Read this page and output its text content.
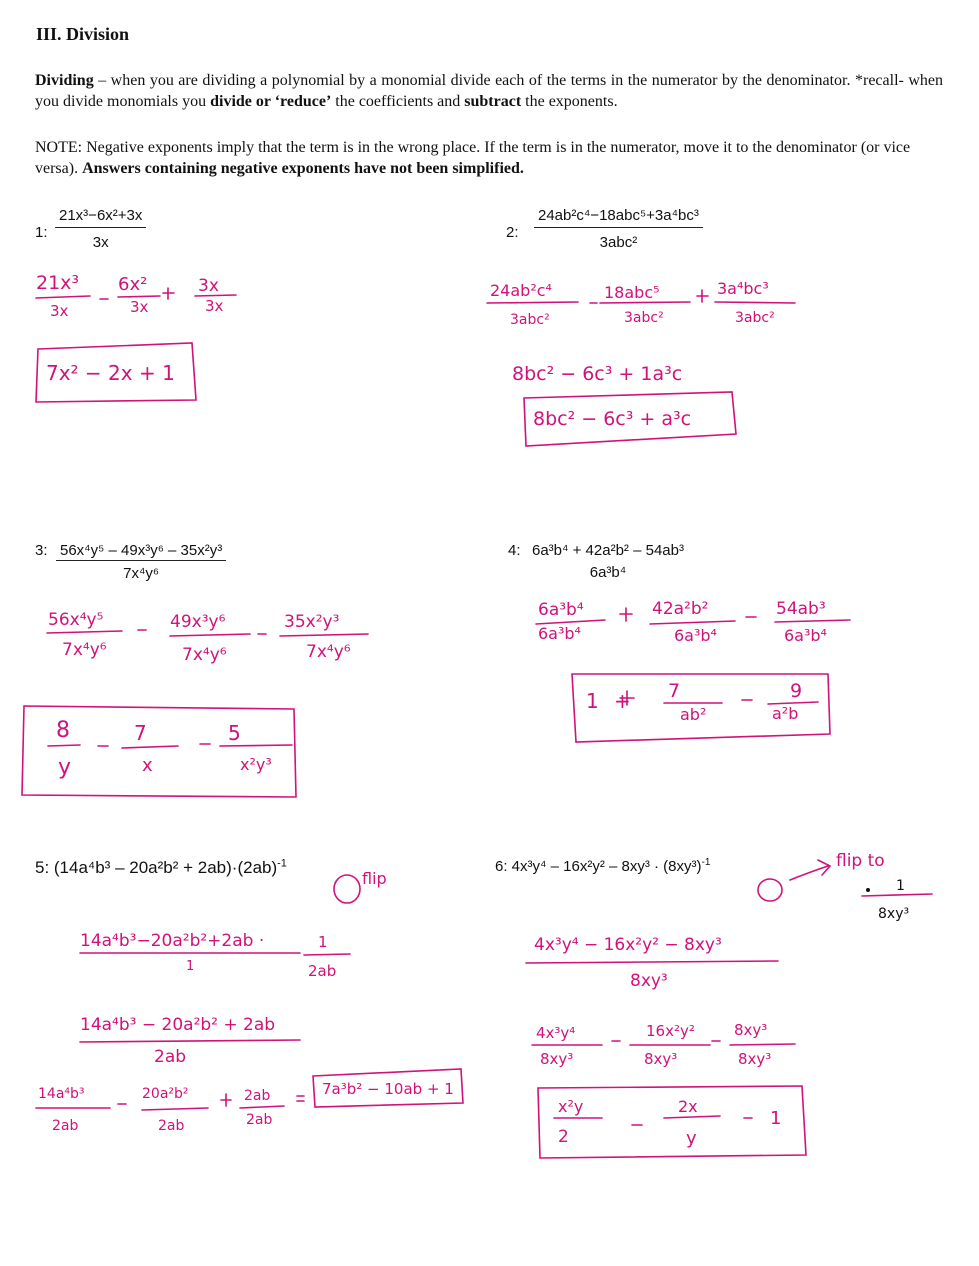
III. Division
Dividing – when you are dividing a polynomial by a monomial divide each of the terms in the numerator by the denominator. *recall- when you divide monomials you divide or ‘reduce’ the coefficients and subtract the exponents.
NOTE: Negative exponents imply that the term is in the wrong place. If the term is in the numerator, move it to the denominator (or vice versa). Answers containing negative exponents have not been simplified.
1: $\frac{\text{21x³−6x²+3x}}{3x}$	2:
24ab²c⁴−18abc⁵+3a⁴bc³
3abc²
3: $\frac{\text{56x⁴y⁵ – 49x³y⁶ – 35x²y³}}{\text{7x⁴y⁶}}$	4: 6a³b⁴ + 42a²b² – 54ab³
6a³b⁴
5: $(14a^4b^3 - 20a^2b^2 + 2ab)\cdot(2ab)^{-1}$	6: $4x^3y^4 - 16x^2y^2 - 8xy^3 \cdot (8xy^3)^{-1}$
21x³
3x
6x²
3x
3x
3x
7x² − 2x + 1
24ab²c⁴
3abc²
18abc⁵
3abc²
3a⁴bc³
3abc²
8bc² − 6c³ + 1a³c
8bc² − 6c³ + a³c
56x⁴y⁵
7x⁴y⁶
49x³y⁶
7x⁴y⁶
35x²y³
7x⁴y⁶
8
y
7
x
5
x²y³
6a³b⁴
6a³b⁴
42a²b²
6a³b⁴
54ab³
6a³b⁴
1 + 7
ab²
9
a²b
flip
14a⁴b³−20a²b²+2ab ·
1
1
2ab
14a⁴b³ − 20a²b² + 2ab
2ab
14a⁴b³
2ab
20a²b²
2ab
2ab
2ab
7a³b² − 10ab + 1
flip to
1
8xy³
4x³y⁴ − 16x²y² − 8xy³
8xy³
4x³y⁴
8xy³
16x²y²
8xy³
8xy³
8xy³
x²y
2
2x
y
1
